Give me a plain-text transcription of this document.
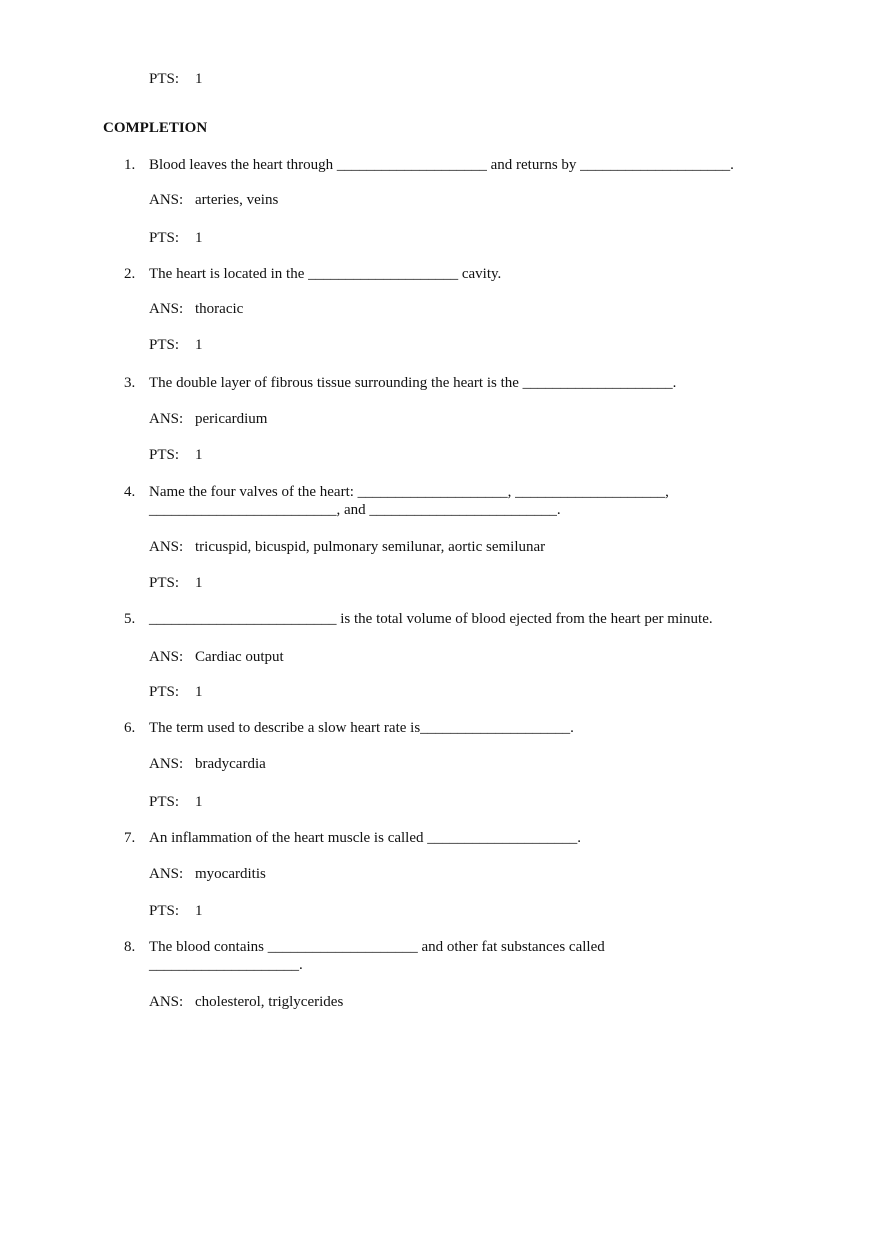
PTS: 1
COMPLETION
1. Blood leaves the heart through ____________________ and returns by ____________________.
ANS: arteries, veins
PTS: 1
2. The heart is located in the ____________________ cavity.
ANS: thoracic
PTS: 1
3. The double layer of fibrous tissue surrounding the heart is the ____________________.
ANS: pericardium
PTS: 1
4. Name the four valves of the heart: ____________________, ____________________,
_________________________, and _________________________.
ANS: tricuspid, bicuspid, pulmonary semilunar, aortic semilunar
PTS: 1
5. _________________________ is the total volume of blood ejected from the heart per minute.
ANS: Cardiac output
PTS: 1
6. The term used to describe a slow heart rate is____________________.
ANS: bradycardia
PTS: 1
7. An inflammation of the heart muscle is called ____________________.
ANS: myocarditis
PTS: 1
8. The blood contains ____________________ and other fat substances called
____________________.
ANS: cholesterol, triglycerides
